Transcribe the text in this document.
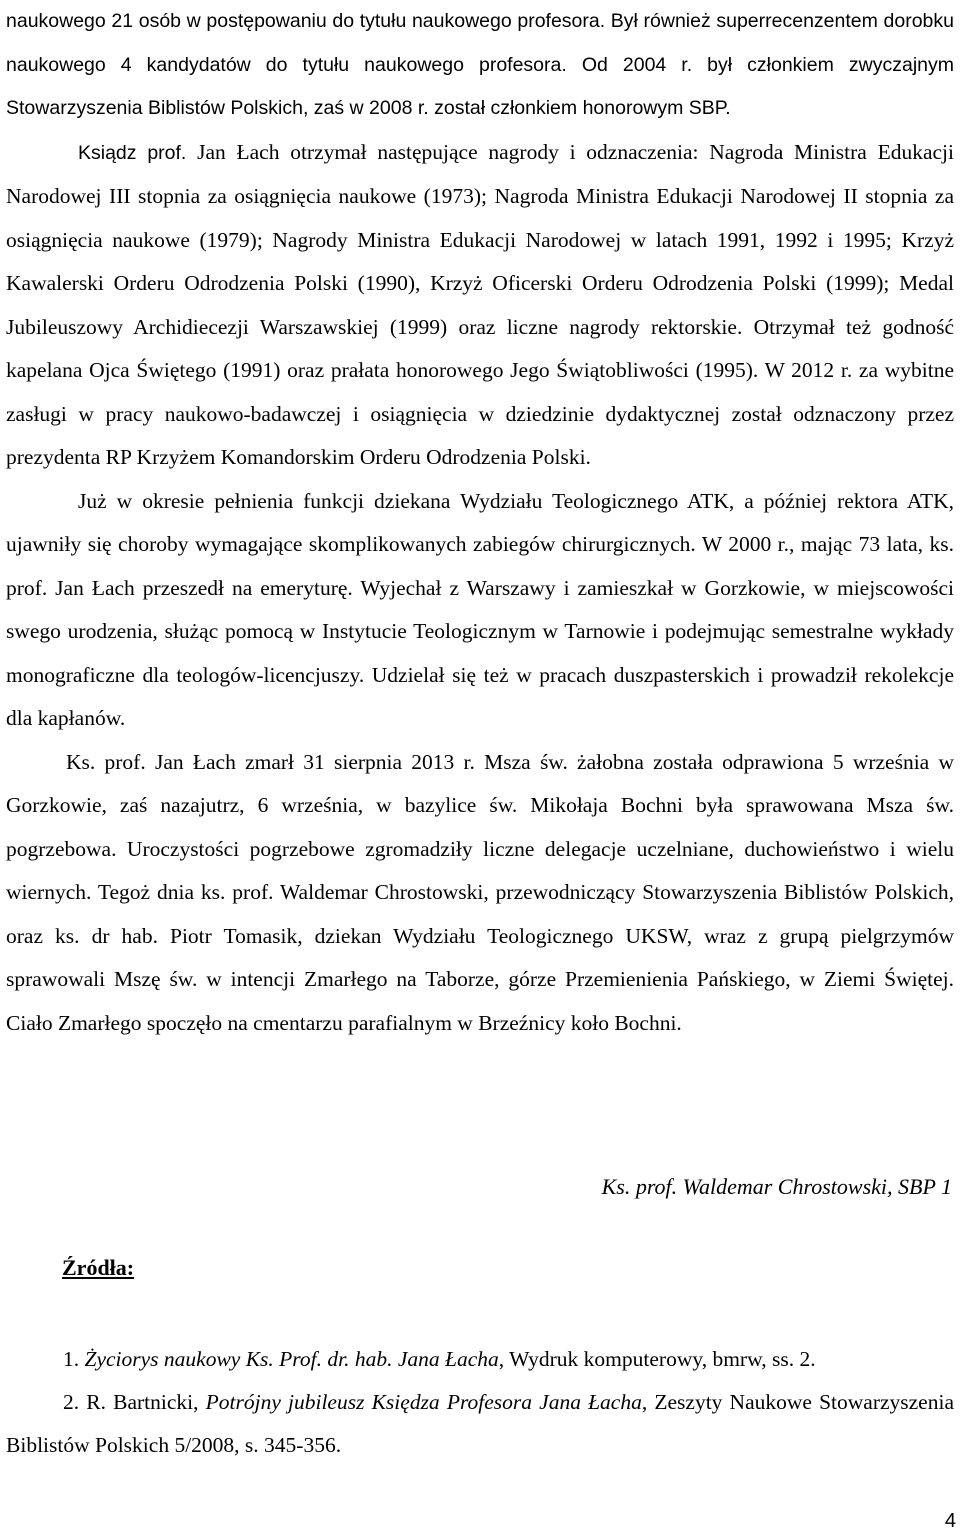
naukowego 21 osób w postępowaniu do tytułu naukowego profesora. Był również superrecenzentem dorobku naukowego 4 kandydatów do tytułu naukowego profesora. Od 2004 r. był członkiem zwyczajnym Stowarzyszenia Biblistów Polskich, zaś w 2008 r. został członkiem honorowym SBP.

Ksiądz prof. Jan Łach otrzymał następujące nagrody i odznaczenia: Nagroda Ministra Edukacji Narodowej III stopnia za osiągnięcia naukowe (1973); Nagroda Ministra Edukacji Narodowej II stopnia za osiągnięcia naukowe (1979); Nagrody Ministra Edukacji Narodowej w latach 1991, 1992 i 1995; Krzyż Kawalerski Orderu Odrodzenia Polski (1990), Krzyż Oficerski Orderu Odrodzenia Polski (1999); Medal Jubileuszowy Archidiecezji Warszawskiej (1999) oraz liczne nagrody rektorskie. Otrzymał też godność kapelana Ojca Świętego (1991) oraz prałata honorowego Jego Świątobliwości (1995). W 2012 r. za wybitne zasługi w pracy naukowo-badawczej i osiągnięcia w dziedzinie dydaktycznej został odznaczony przez prezydenta RP Krzyżem Komandorskim Orderu Odrodzenia Polski.

Już w okresie pełnienia funkcji dziekana Wydziału Teologicznego ATK, a później rektora ATK, ujawniły się choroby wymagające skomplikowanych zabiegów chirurgicznych. W 2000 r., mając 73 lata, ks. prof. Jan Łach przeszedł na emeryturę. Wyjechał z Warszawy i zamieszkał w Gorzkowie, w miejscowości swego urodzenia, służąc pomocą w Instytucie Teologicznym w Tarnowie i podejmując semestralne wykłady monograficzne dla teologów-licencjuszy. Udzielał się też w pracach duszpasterskich i prowadził rekolekcje dla kapłanów.

Ks. prof. Jan Łach zmarł 31 sierpnia 2013 r. Msza św. żałobna została odprawiona 5 września w Gorzkowie, zaś nazajutrz, 6 września, w bazylice św. Mikołaja Bochni była sprawowana Msza św. pogrzebowa. Uroczystości pogrzebowe zgromadziły liczne delegacje uczelniane, duchowieństwo i wielu wiernych. Tegoż dnia ks. prof. Waldemar Chrostowski, przewodniczący Stowarzyszenia Biblistów Polskich, oraz ks. dr hab. Piotr Tomasik, dziekan Wydziału Teologicznego UKSW, wraz z grupą pielgrzymów sprawowali Mszę św. w intencji Zmarłego na Taborze, górze Przemienienia Pańskiego, w Ziemi Świętej. Ciało Zmarłego spoczęło na cmentarzu parafialnym w Brzeźnicy koło Bochni.

Ks. prof. Waldemar Chrostowski, SBP 1
Źródła:

1. Życiorys naukowy Ks. Prof. dr. hab. Jana Łacha, Wydruk komputerowy, bmrw, ss. 2.

2. R. Bartnicki, Potrójny jubileusz Księdza Profesora Jana Łacha, Zeszyty Naukowe Stowarzyszenia Biblistów Polskich 5/2008, s. 345-356.

4
